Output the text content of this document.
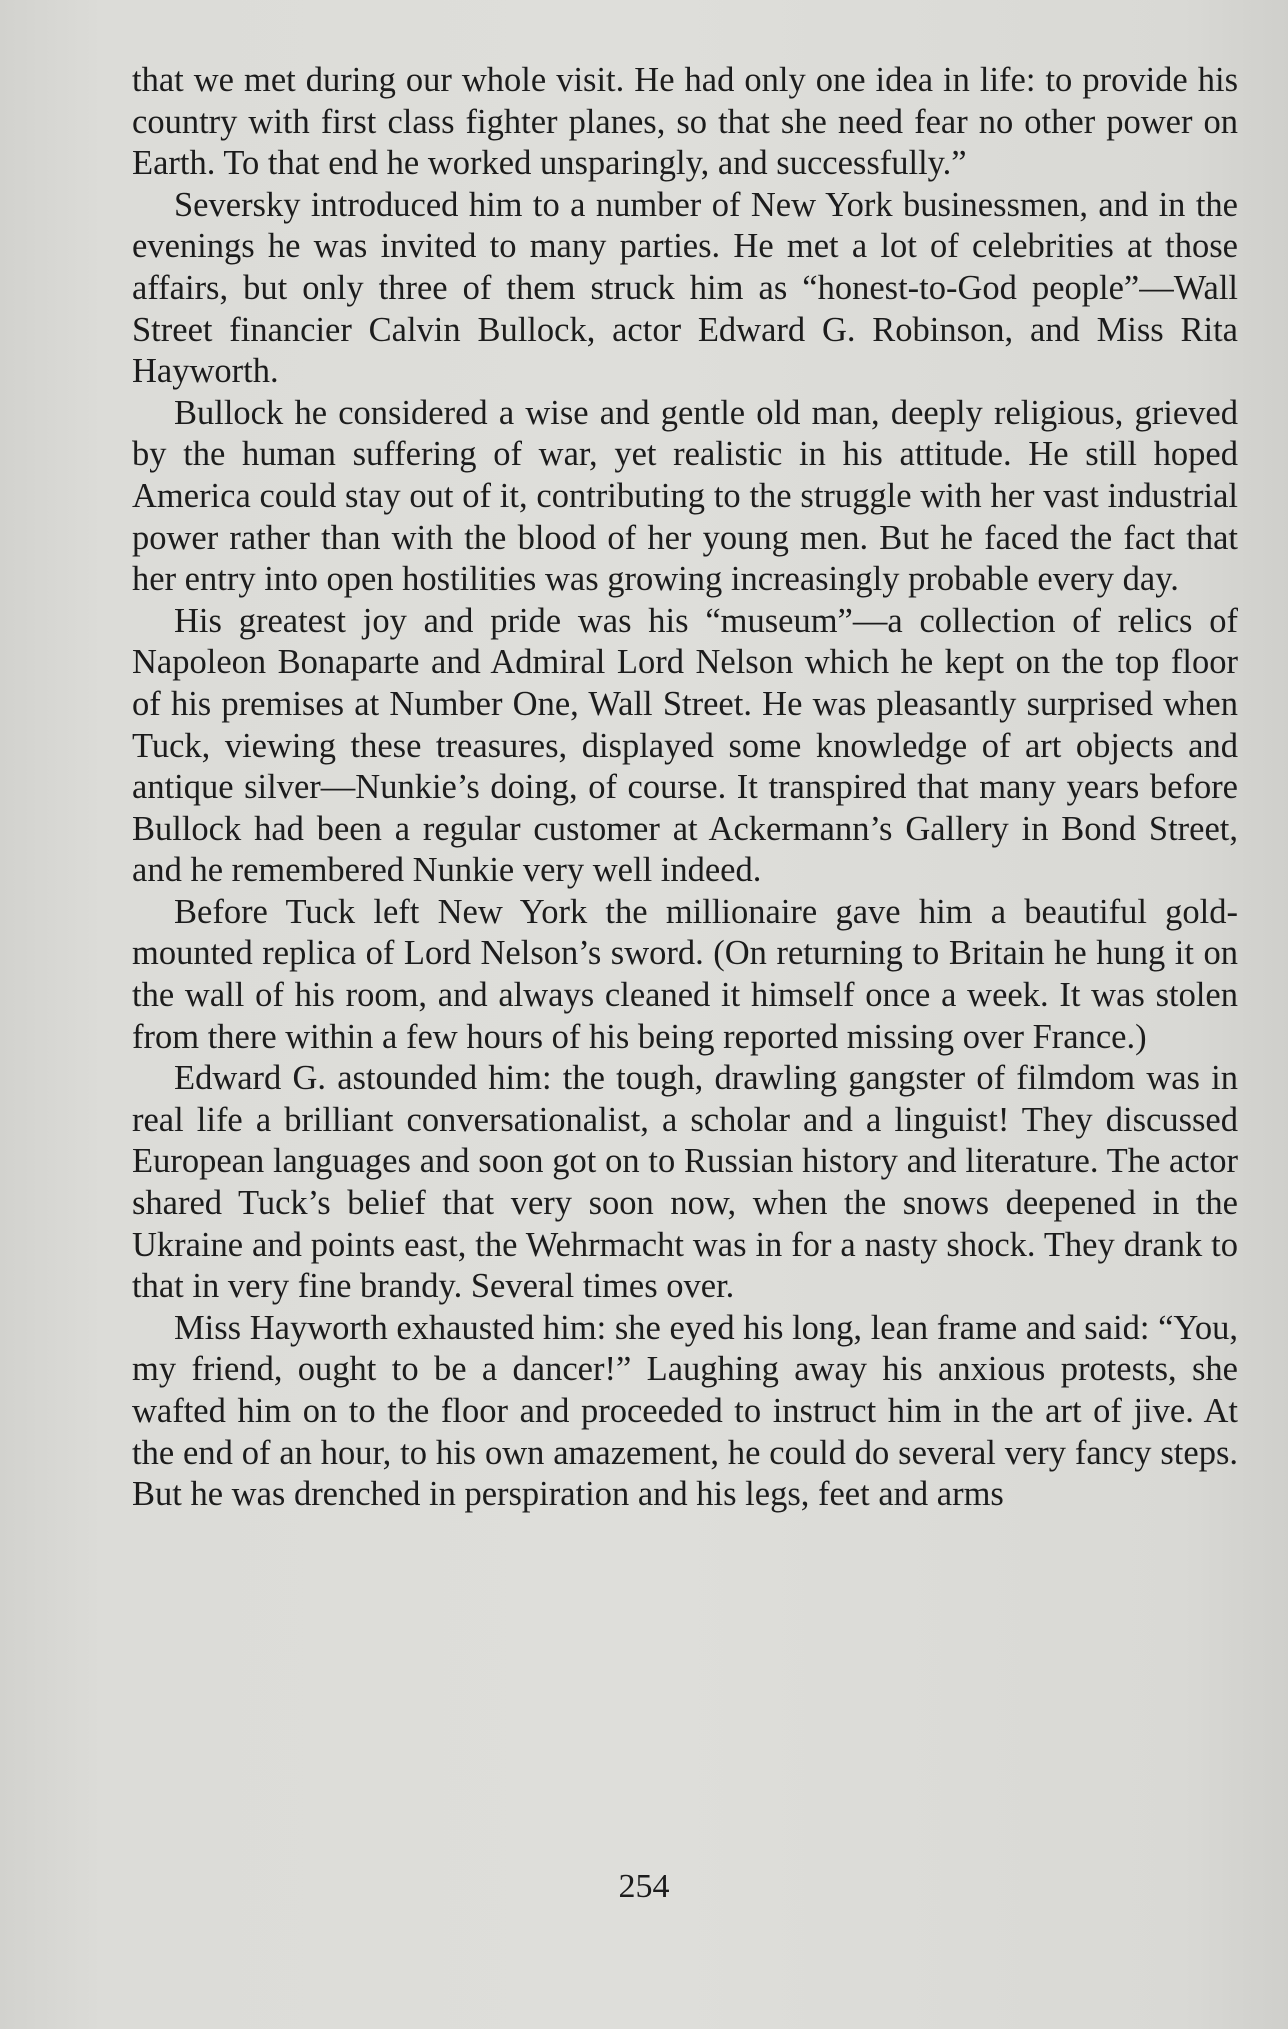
that we met during our whole visit. He had only one idea in life: to provide his country with first class fighter planes, so that she need fear no other power on Earth. To that end he worked unsparingly, and successfully.”

Seversky introduced him to a number of New York businessmen, and in the evenings he was invited to many parties. He met a lot of celebrities at those affairs, but only three of them struck him as “honest-to-God people”—Wall Street financier Calvin Bullock, actor Edward G. Robinson, and Miss Rita Hayworth.

Bullock he considered a wise and gentle old man, deeply religious, grieved by the human suffering of war, yet realistic in his attitude. He still hoped America could stay out of it, contributing to the struggle with her vast industrial power rather than with the blood of her young men. But he faced the fact that her entry into open hostilities was growing increasingly probable every day.

His greatest joy and pride was his “museum”—a collection of relics of Napoleon Bonaparte and Admiral Lord Nelson which he kept on the top floor of his premises at Number One, Wall Street. He was pleasantly surprised when Tuck, viewing these treasures, displayed some knowledge of art objects and antique silver—Nunkie’s doing, of course. It transpired that many years before Bullock had been a regular customer at Ackermann’s Gallery in Bond Street, and he remembered Nunkie very well indeed.

Before Tuck left New York the millionaire gave him a beautiful gold-mounted replica of Lord Nelson’s sword. (On returning to Britain he hung it on the wall of his room, and always cleaned it himself once a week. It was stolen from there within a few hours of his being reported missing over France.)

Edward G. astounded him: the tough, drawling gangster of filmdom was in real life a brilliant conversationalist, a scholar and a linguist! They discussed European languages and soon got on to Russian history and literature. The actor shared Tuck’s belief that very soon now, when the snows deepened in the Ukraine and points east, the Wehrmacht was in for a nasty shock. They drank to that in very fine brandy. Several times over.

Miss Hayworth exhausted him: she eyed his long, lean frame and said: “You, my friend, ought to be a dancer!” Laughing away his anxious protests, she wafted him on to the floor and proceeded to instruct him in the art of jive. At the end of an hour, to his own amazement, he could do several very fancy steps. But he was drenched in perspiration and his legs, feet and arms

254
